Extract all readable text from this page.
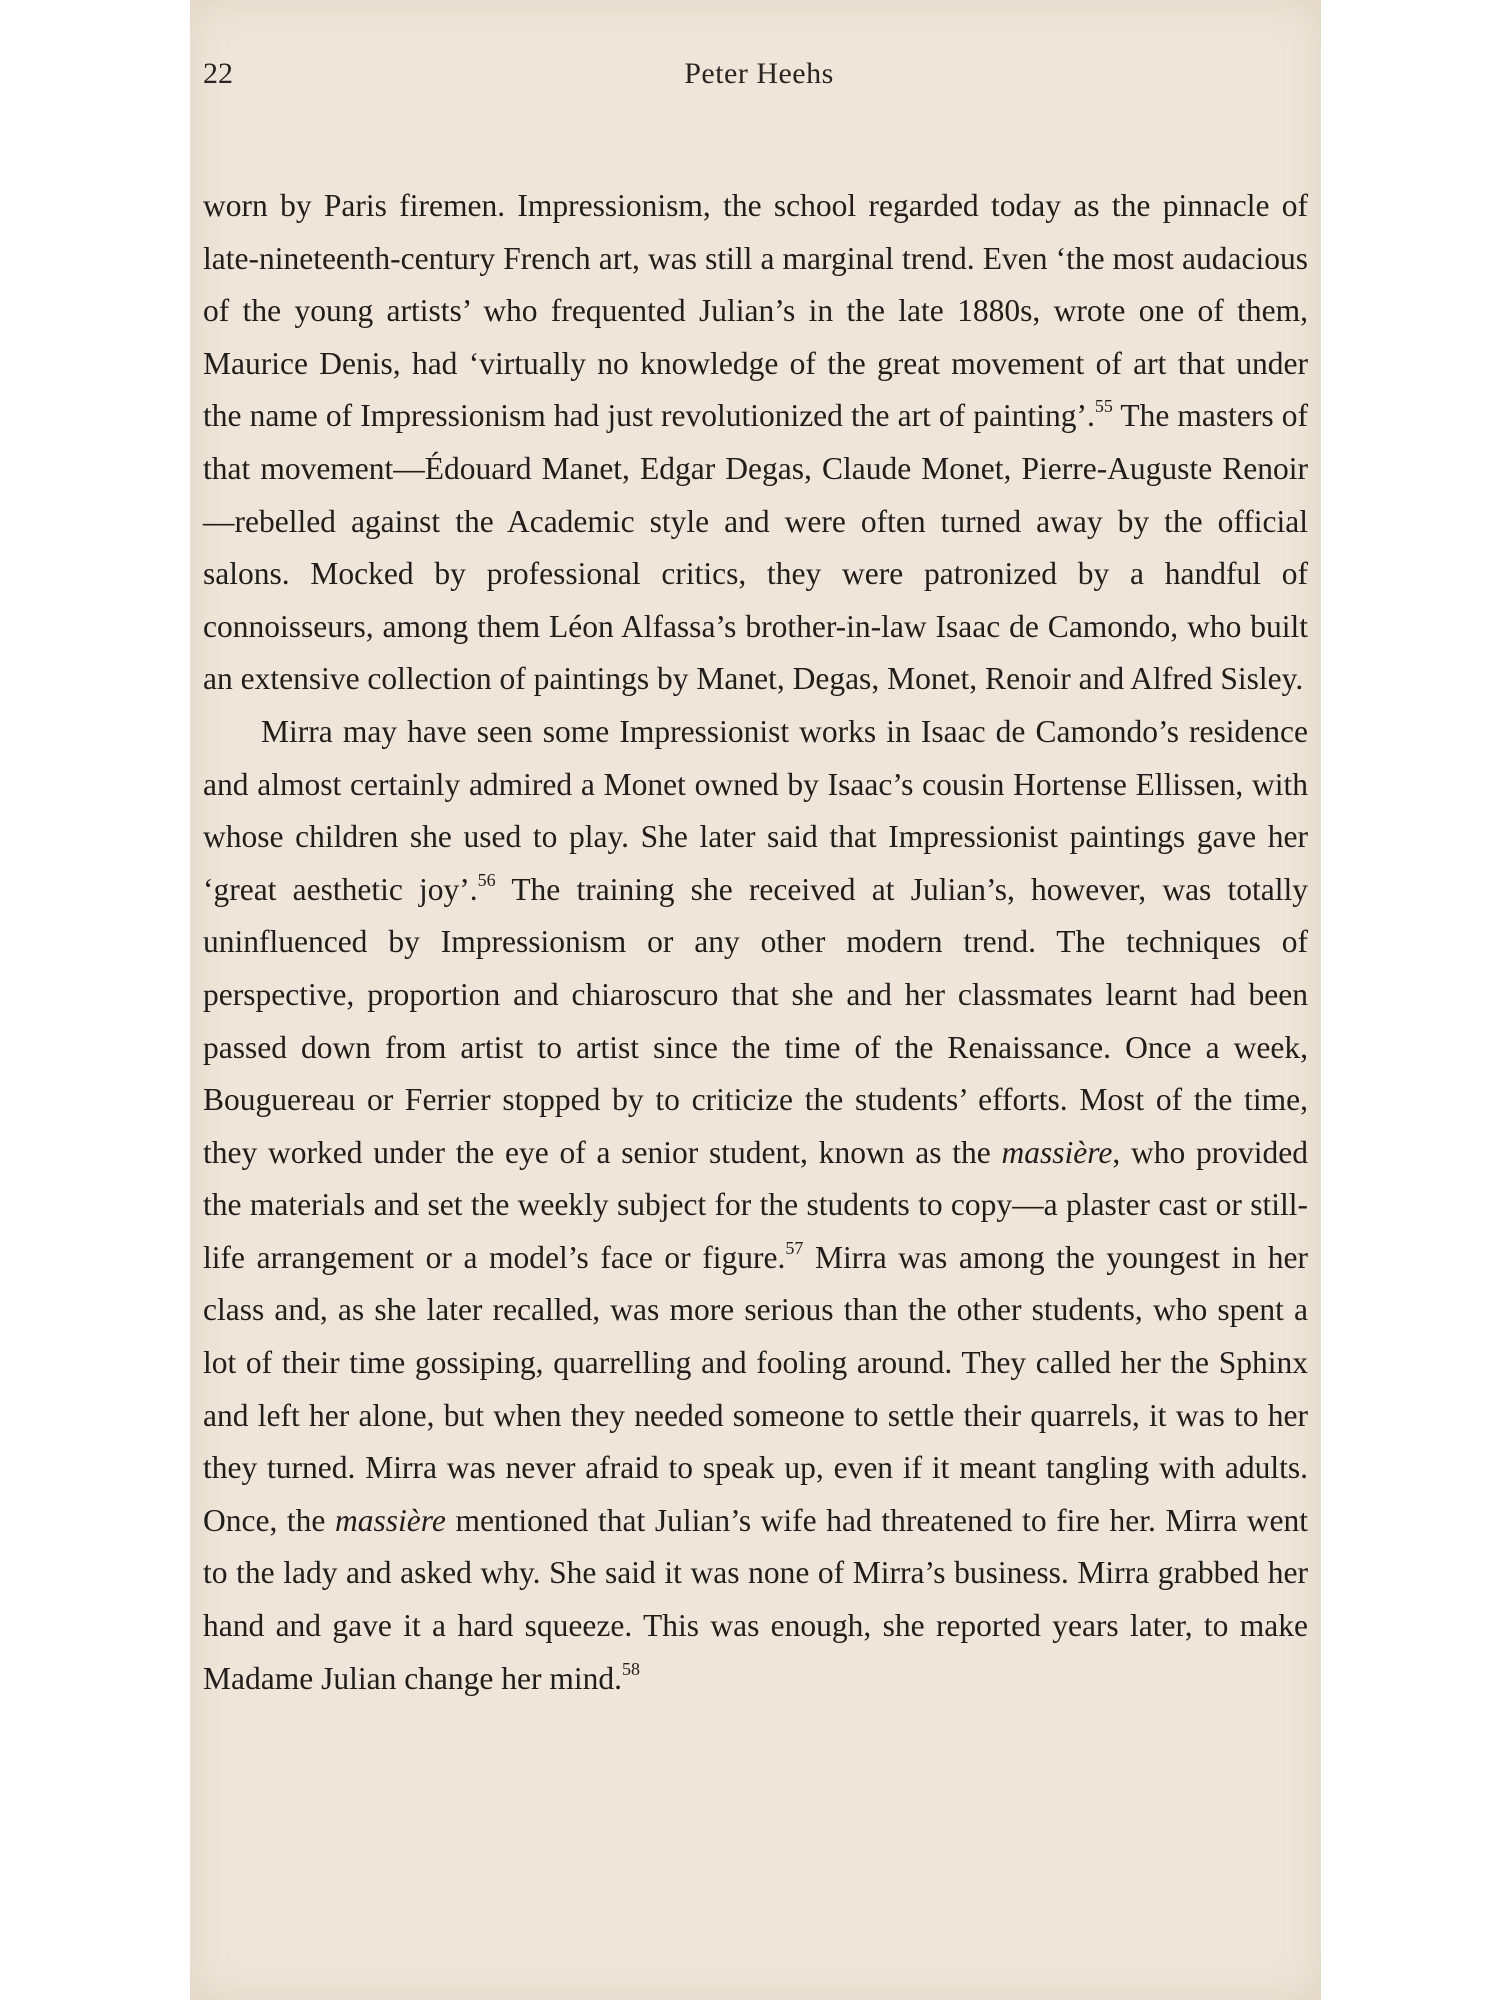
22	Peter Heehs

worn by Paris firemen. Impressionism, the school regarded today as the pinnacle of late-nineteenth-century French art, was still a marginal trend. Even ‘the most audacious of the young artists’ who frequented Julian’s in the late 1880s, wrote one of them, Maurice Denis, had ‘virtually no knowledge of the great movement of art that under the name of Impressionism had just revolutionized the art of painting’.$^{55}$ The masters of that movement—Édouard Manet, Edgar Degas, Claude Monet, Pierre-Auguste Renoir—rebelled against the Academic style and were often turned away by the official salons. Mocked by professional critics, they were patronized by a handful of connoisseurs, among them Léon Alfassa’s brother-in-law Isaac de Camondo, who built an extensive collection of paintings by Manet, Degas, Monet, Renoir and Alfred Sisley.

Mirra may have seen some Impressionist works in Isaac de Camondo’s residence and almost certainly admired a Monet owned by Isaac’s cousin Hortense Ellissen, with whose children she used to play. She later said that Impressionist paintings gave her ‘great aesthetic joy’.$^{56}$ The training she received at Julian’s, however, was totally uninfluenced by Impressionism or any other modern trend. The techniques of perspective, proportion and chiaroscuro that she and her classmates learnt had been passed down from artist to artist since the time of the Renaissance. Once a week, Bouguereau or Ferrier stopped by to criticize the students’ efforts. Most of the time, they worked under the eye of a senior student, known as the massière, who provided the materials and set the weekly subject for the students to copy—a plaster cast or still-life arrangement or a model’s face or figure.$^{57}$ Mirra was among the youngest in her class and, as she later recalled, was more serious than the other students, who spent a lot of their time gossiping, quarrelling and fooling around. They called her the Sphinx and left her alone, but when they needed someone to settle their quarrels, it was to her they turned. Mirra was never afraid to speak up, even if it meant tangling with adults. Once, the massière mentioned that Julian’s wife had threatened to fire her. Mirra went to the lady and asked why. She said it was none of Mirra’s business. Mirra grabbed her hand and gave it a hard squeeze. This was enough, she reported years later, to make Madame Julian change her mind.$^{58}$
